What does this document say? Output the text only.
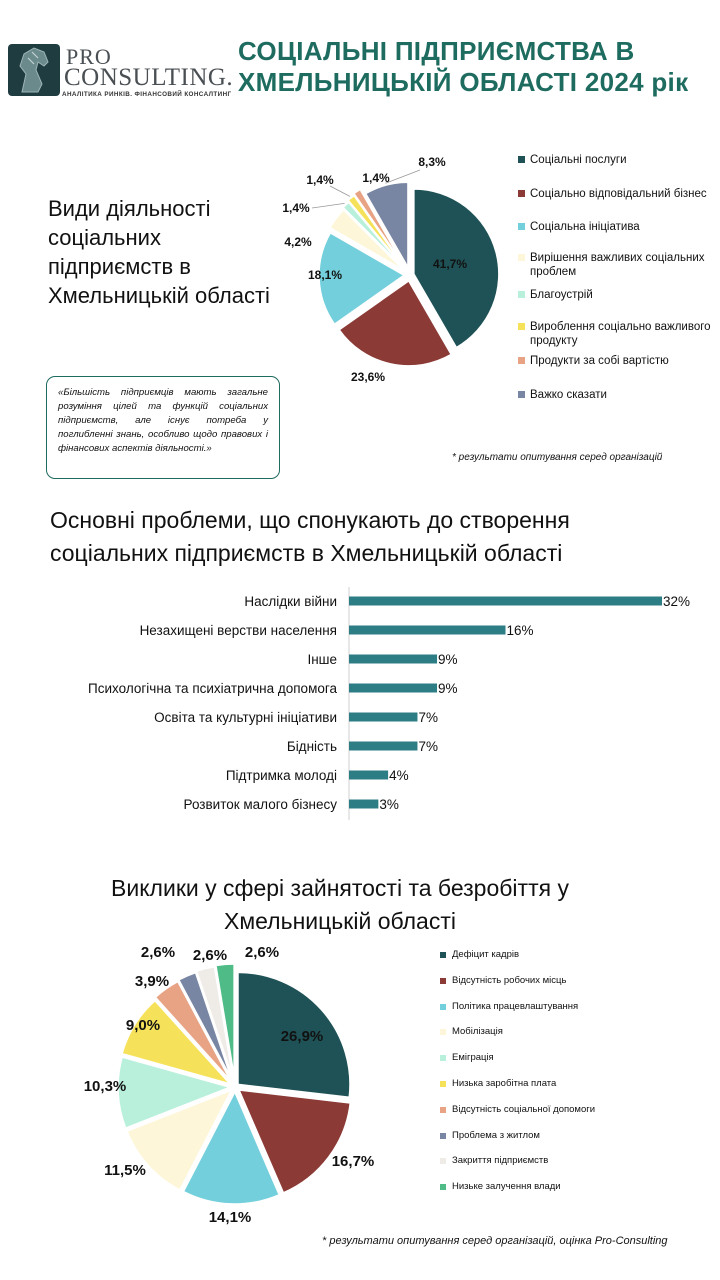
PRO
CONSULTING.
АНАЛІТИКА РИНКІВ. ФІНАНСОВИЙ КОНСАЛТИНГ
СОЦІАЛЬНІ ПІДПРИЄМСТВА В ХМЕЛЬНИЦЬКІЙ ОБЛАСТІ 2024 рік
Види діяльності соціальних підприємств в Хмельницькій області
«Більшість підприємців мають загальне розуміння цілей та функцій соціальних підприємств, але існує потреба у поглибленні знань, особливо щодо правових і фінансових аспектів діяльності.»
41,7%
23,6%
18,1%
4,2%
1,4%
1,4% 1,4%
8,3%	Соціальні послуги
Соціально відповідальний бізнес
Соціальна ініціатива
Вирішення важливих соціальних проблем
Благоустрій
Вироблення соціально важливого продукту
Продукти за собі вартістю
Важко сказати
* результати опитування серед організацій
Основні проблеми, що спонукають до створення соціальних підприємств в Хмельницькій області
Наслідки війни	32%
Незахищені верстви населення	16%
Інше	9%
Психологічна та психіатрична допомога	9%
Освіта та культурні ініціативи	7%
Бідність	7%
Підтримка молоді	4%
Розвиток малого бізнесу	3%
Виклики у сфері зайнятості та безробіття у Хмельницькій області
26,9%
16,7%
14,1%
11,5%
10,3%
9,0%
3,9%
2,6% 2,6% 2,6%	Дефіцит кадрів
Відсутність робочих місць
Політика працевлаштування
Мобілізація
Еміграція
Низька заробітна плата
Відсутність соціальної допомоги
Проблема з житлом
Закриття підприємств
Низьке залучення влади
* результати опитування серед організацій, оцінка Pro-Consulting
